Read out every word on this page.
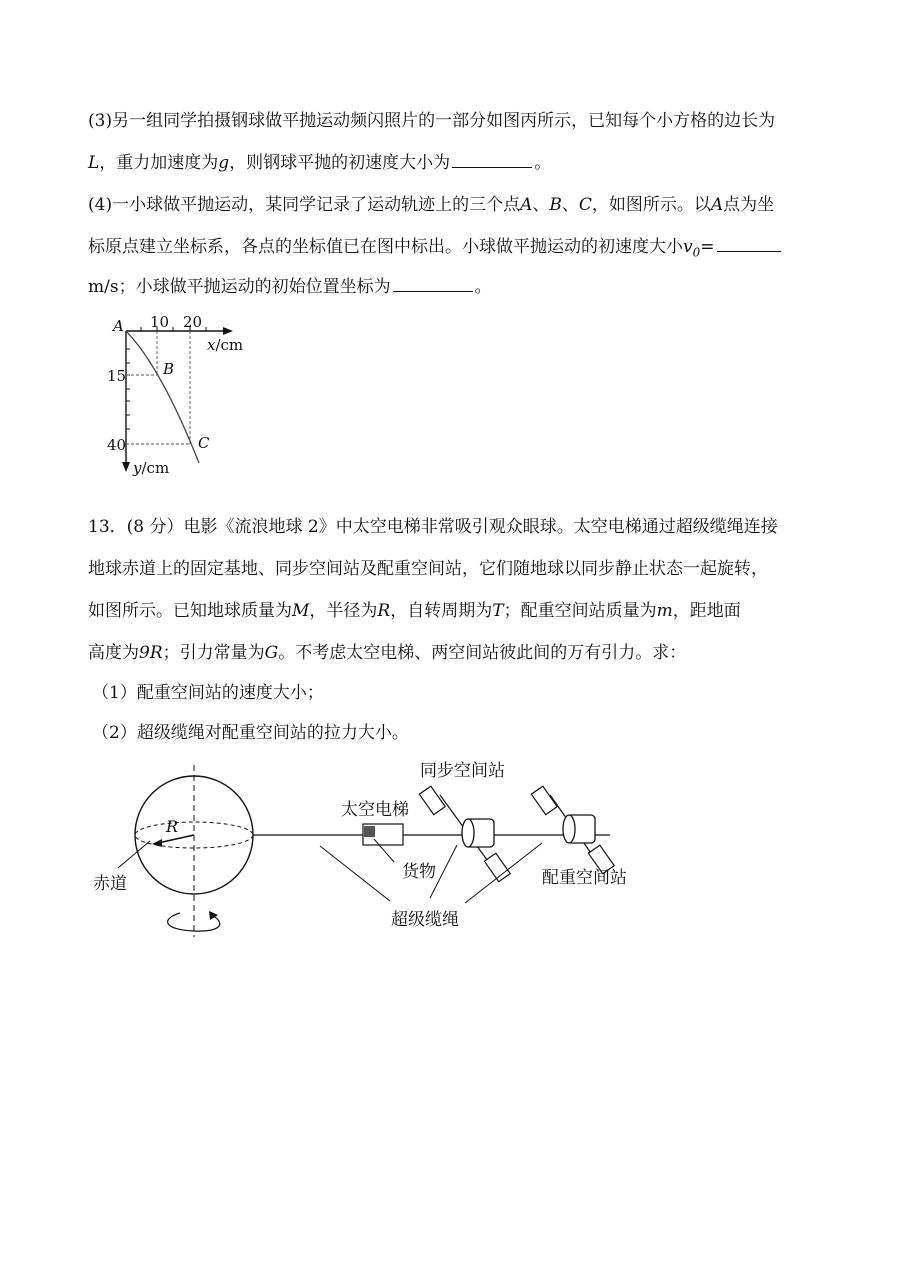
(3)另一组同学拍摄钢球做平抛运动频闪照片的一部分如图丙所示，已知每个小方格的边长为
L，重力加速度为g，则钢球平抛的初速度大小为	。
(4)一小球做平抛运动，某同学记录了运动轨迹上的三个点A、B、C，如图所示。以A点为坐
标原点建立坐标系，各点的坐标值已在图中标出。小球做平抛运动的初速度大小$v_0=$
m/s；小球做平抛运动的初始位置坐标为	。
A 10 20
x/cm
B
15
40	C
y/cm
13．(8 分）电影《流浪地球 2》中太空电梯非常吸引观众眼球。太空电梯通过超级缆绳连接
地球赤道上的固定基地、同步空间站及配重空间站，它们随地球以同步静止状态一起旋转，
如图所示。已知地球质量为M，半径为R，自转周期为T；配重空间站质量为m，距地面
高度为9R；引力常量为G。不考虑太空电梯、两空间站彼此间的万有引力。求：
（1）配重空间站的速度大小；
（2）超级缆绳对配重空间站的拉力大小。
R
赤道
太空电梯
货物
同步空间站
配重空间站
超级缆绳
